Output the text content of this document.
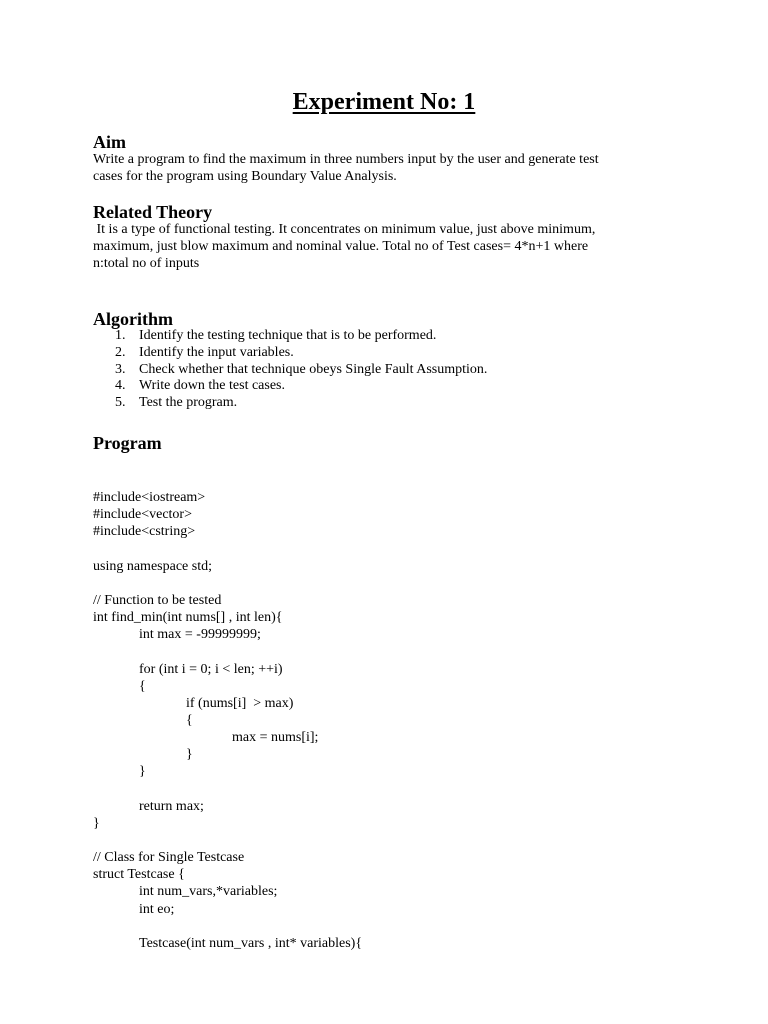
Experiment No: 1
Aim
Write a program to find the maximum in three numbers input by the user and generate test
cases for the program using Boundary Value Analysis.
Related Theory
It is a type of functional testing. It concentrates on minimum value, just above minimum,
maximum, just blow maximum and nominal value. Total no of Test cases= 4*n+1 where
n:total no of inputs
Algorithm
1. Identify the testing technique that is to be performed.
2. Identify the input variables.
3. Check whether that technique obeys Single Fault Assumption.
4. Write down the test cases.
5. Test the program.
Program
#include<iostream>
#include<vector>
#include<cstring>
using namespace std;
// Function to be tested
int find_min(int nums[] , int len){
int max = -99999999;
for (int i = 0; i < len; ++i)
{
if (nums[i]  > max)
{
max = nums[i];
}
}
return max;
}
// Class for Single Testcase
struct Testcase {
int num_vars,*variables;
int eo;
Testcase(int num_vars , int* variables){
